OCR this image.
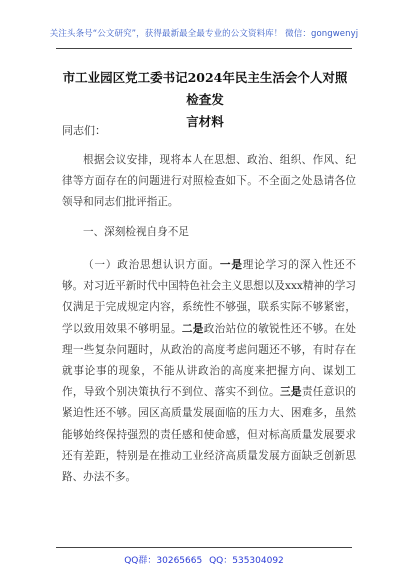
关注头条号“公文研究”，获得最新最全最专业的公文资料库！ 微信：gongwenyj
市工业园区党工委书记2024年民主生活会个人对照检查发
言材料
同志们：

根据会议安排，现将本人在思想、政治、组织、作风、纪律等方面存在的问题进行对照检查如下。不全面之处恳请各位领导和同志们批评指正。

一、深刻检视自身不足

（一）政治思想认识方面。一是理论学习的深入性还不够。对习近平新时代中国特色社会主义思想以及xxx精神的学习仅满足于完成规定内容，系统性不够强，联系实际不够紧密，学以致用效果不够明显。二是政治站位的敏锐性还不够。在处理一些复杂问题时，从政治的高度考虑问题还不够，有时存在就事论事的现象，不能从讲政治的高度来把握方向、谋划工作，导致个别决策执行不到位、落实不到位。三是责任意识的紧迫性还不够。园区高质量发展面临的压力大、困难多，虽然能够始终保持强烈的责任感和使命感，但对标高质量发展要求还有差距，特别是在推动工业经济高质量发展方面缺乏创新思路、办法不多。

QQ群：30265665 QQ：535304092
